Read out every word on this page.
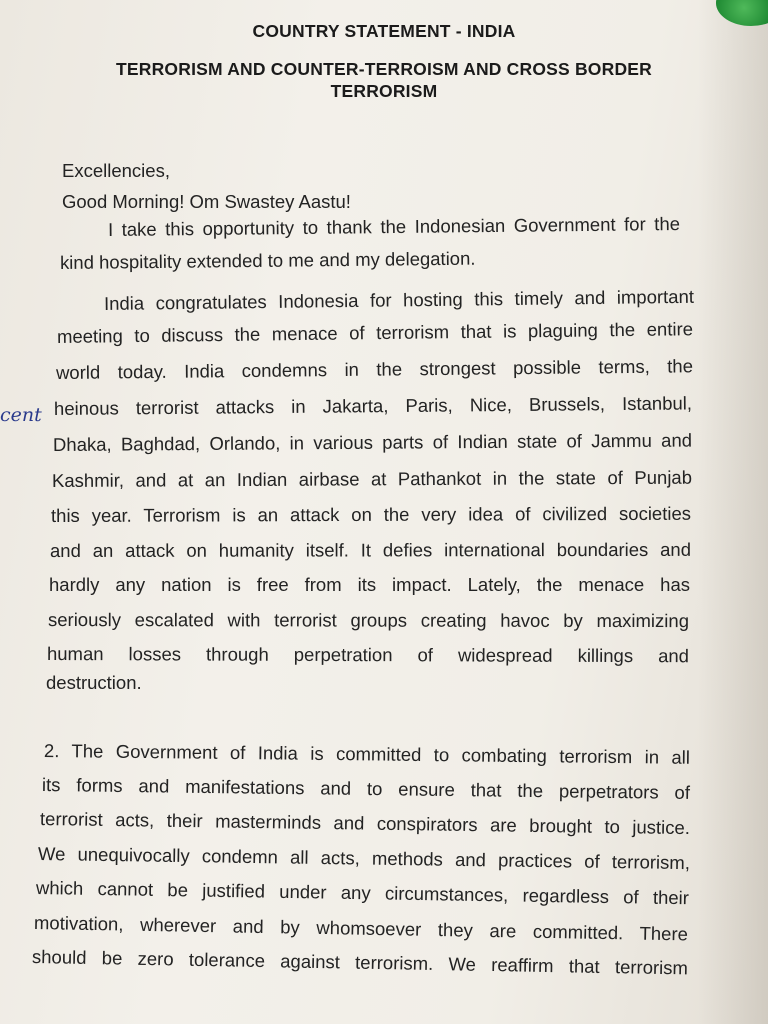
COUNTRY STATEMENT - INDIA
TERRORISM AND COUNTER-TERROISM AND CROSS BORDER
TERRORISM
cent
Excellencies,
Good Morning! Om Swastey Aastu!
I take this opportunity to thank the Indonesian Government for the
kind hospitality extended to me and my delegation.
India congratulates Indonesia for hosting this timely and important
meeting to discuss the menace of terrorism that is plaguing the entire
world today. India condemns in the strongest possible terms, the
heinous terrorist attacks in Jakarta, Paris, Nice, Brussels, Istanbul,
Dhaka, Baghdad, Orlando, in various parts of Indian state of Jammu and
Kashmir, and at an Indian airbase at Pathankot in the state of Punjab
this year. Terrorism is an attack on the very idea of civilized societies
and an attack on humanity itself. It defies international boundaries and
hardly any nation is free from its impact. Lately, the menace has
seriously escalated with terrorist groups creating havoc by maximizing
human losses through perpetration of widespread killings and
destruction.
2. The Government of India is committed to combating terrorism in all
its forms and manifestations and to ensure that the perpetrators of
terrorist acts, their masterminds and conspirators are brought to justice.
We unequivocally condemn all acts, methods and practices of terrorism,
which cannot be justified under any circumstances, regardless of their
motivation, wherever and by whomsoever they are committed. There
should be zero tolerance against terrorism. We reaffirm that terrorism
